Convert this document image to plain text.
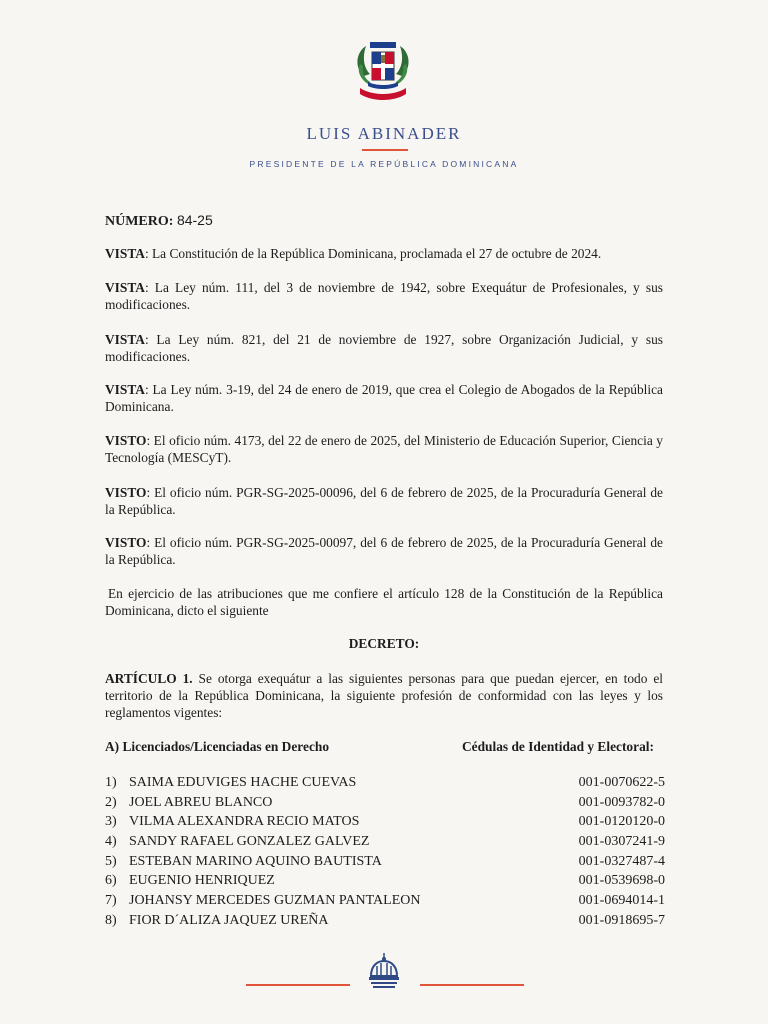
LUIS ABINADER
PRESIDENTE DE LA REPÚBLICA DOMINICANA
NÚMERO: 84-25
VISTA: La Constitución de la República Dominicana, proclamada el 27 de octubre de 2024.
VISTA: La Ley núm. 111, del 3 de noviembre de 1942, sobre Exequátur de Profesionales, y sus modificaciones.
VISTA: La Ley núm. 821, del 21 de noviembre de 1927, sobre Organización Judicial, y sus modificaciones.
VISTA: La Ley núm. 3-19, del 24 de enero de 2019, que crea el Colegio de Abogados de la República Dominicana.
VISTO: El oficio núm. 4173, del 22 de enero de 2025, del Ministerio de Educación Superior, Ciencia y Tecnología (MESCyT).
VISTO: El oficio núm. PGR-SG-2025-00096, del 6 de febrero de 2025, de la Procuraduría General de la República.
VISTO: El oficio núm. PGR-SG-2025-00097, del 6 de febrero de 2025, de la Procuraduría General de la República.
En ejercicio de las atribuciones que me confiere el artículo 128 de la Constitución de la República Dominicana, dicto el siguiente
DECRETO:
ARTÍCULO 1. Se otorga exequátur a las siguientes personas para que puedan ejercer, en todo el territorio de la República Dominicana, la siguiente profesión de conformidad con las leyes y los reglamentos vigentes:
A) Licenciados/Licenciadas en Derecho	Cédulas de Identidad y Electoral:
1) SAIMA EDUVIGES HACHE CUEVAS	001-0070622-5
2) JOEL ABREU BLANCO	001-0093782-0
3) VILMA ALEXANDRA RECIO MATOS	001-0120120-0
4) SANDY RAFAEL GONZALEZ GALVEZ	001-0307241-9
5) ESTEBAN MARINO AQUINO BAUTISTA	001-0327487-4
6) EUGENIO HENRIQUEZ	001-0539698-0
7) JOHANSY MERCEDES GUZMAN PANTALEON	001-0694014-1
8) FIOR D´ALIZA JAQUEZ UREÑA	001-0918695-7
